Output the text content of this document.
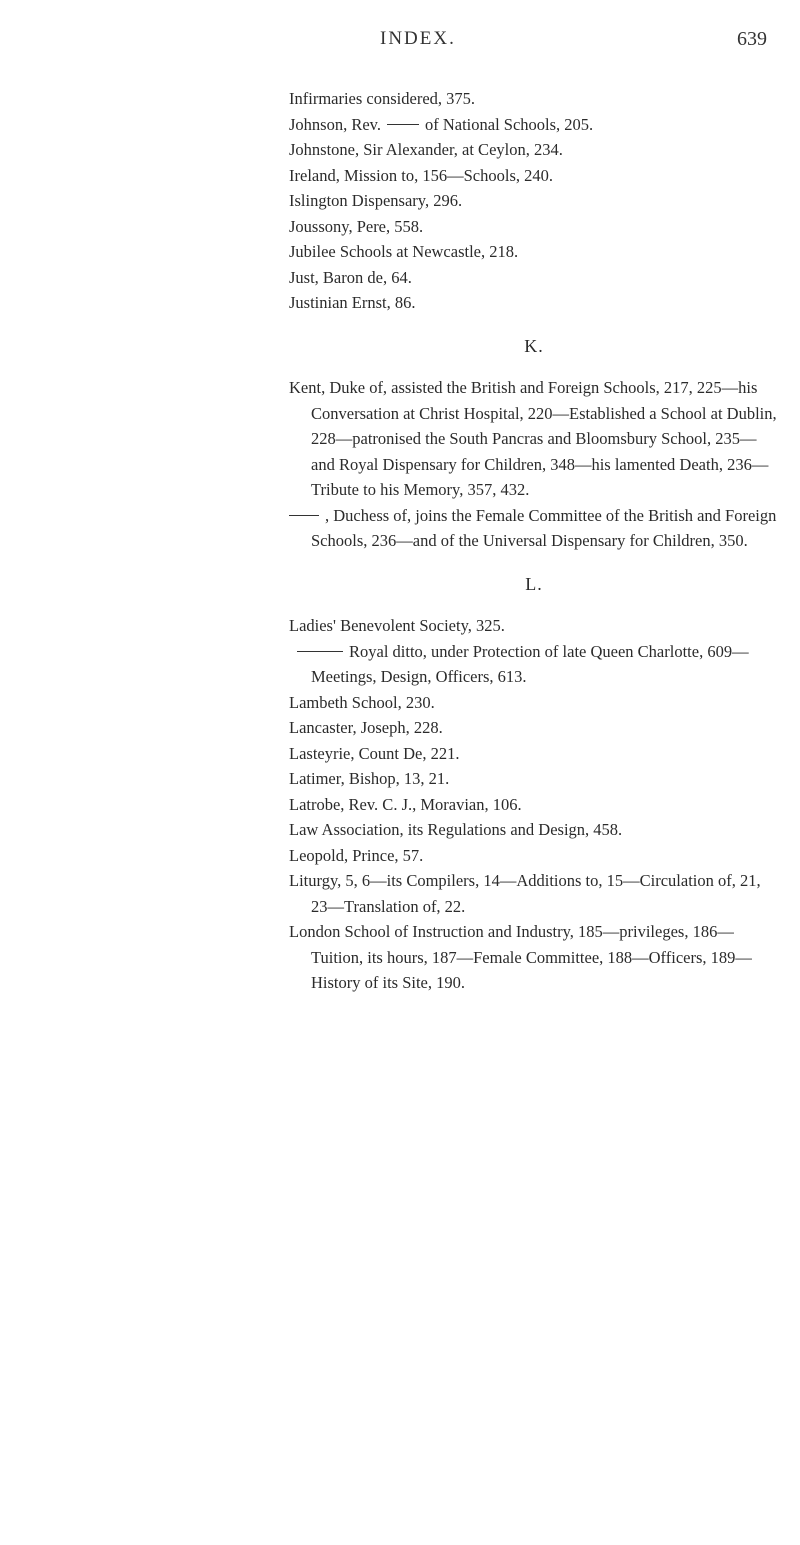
INDEX.	639

Infirmaries considered, 375.

Johnson, Rev.	of National Schools, 205.

Johnstone, Sir Alexander, at Ceylon, 234.

Ireland, Mission to, 156—Schools, 240.

Islington Dispensary, 296.

Joussony, Pere, 558.

Jubilee Schools at Newcastle, 218.

Just, Baron de, 64.

Justinian Ernst, 86.

K.

Kent, Duke of, assisted the British and Foreign Schools, 217, 225—his Conversation at Christ Hospital, 220—Established a School at Dublin, 228—patronised the South Pancras and Bloomsbury School, 235—and Royal Dispensary for Children, 348—his lamented Death, 236—Tribute to his Memory, 357, 432.

, Duchess of, joins the Female Committee of the British and Foreign Schools, 236—and of the Universal Dispensary for Children, 350.

L.

Ladies' Benevolent Society, 325.

Royal ditto, under Protection of late Queen Charlotte, 609—Meetings, Design, Officers, 613.

Lambeth School, 230.

Lancaster, Joseph, 228.

Lasteyrie, Count De, 221.

Latimer, Bishop, 13, 21.

Latrobe, Rev. C. J., Moravian, 106.

Law Association, its Regulations and Design, 458.

Leopold, Prince, 57.

Liturgy, 5, 6—its Compilers, 14—Additions to, 15—Circulation of, 21, 23—Translation of, 22.

London School of Instruction and Industry, 185—privileges, 186—Tuition, its hours, 187—Female Committee, 188—Officers, 189—History of its Site, 190.
